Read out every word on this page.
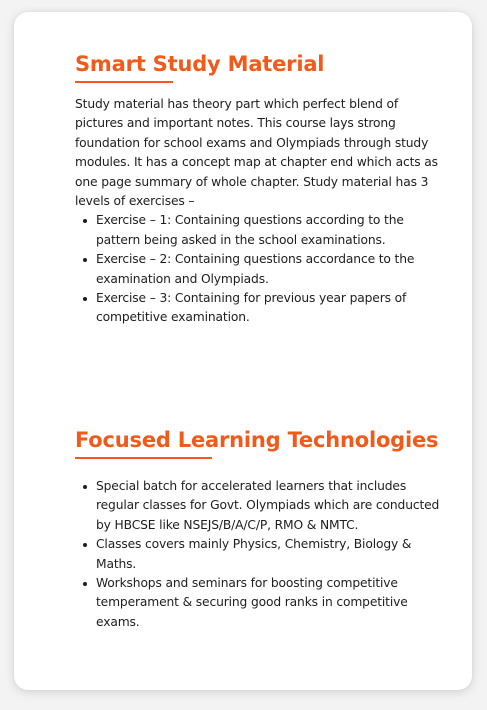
Smart Study Material

Study material has theory part which perfect blend of pictures and important notes. This course lays strong foundation for school exams and Olympiads through study modules. It has a concept map at chapter end which acts as one page summary of whole chapter. Study material has 3 levels of exercises –

Exercise – 1: Containing questions according to the pattern being asked in the school examinations.
Exercise – 2: Containing questions accordance to the examination and Olympiads.
Exercise – 3: Containing for previous year papers of competitive examination.
Focused Learning Technologies
Special batch for accelerated learners that includes regular classes for Govt. Olympiads which are conducted by HBCSE like NSEJS/B/A/C/P, RMO & NMTC.
Classes covers mainly Physics, Chemistry, Biology & Maths.
Workshops and seminars for boosting competitive temperament & securing good ranks in competitive exams.
